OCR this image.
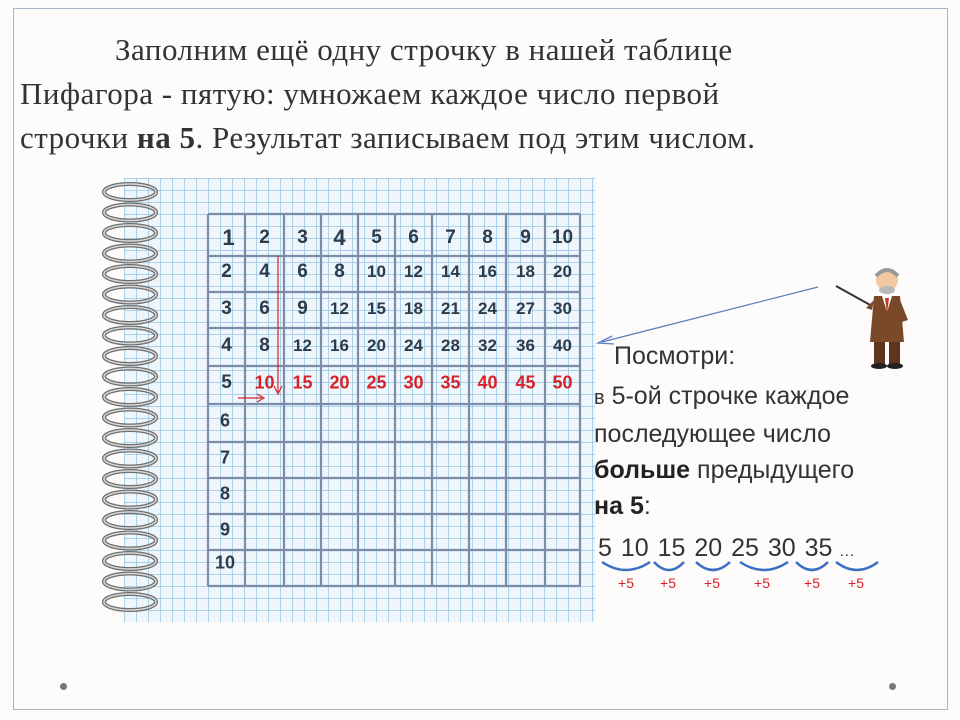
Заполним ещё одну строчку в нашей таблице
Пифагора - пятую: умножаем каждое число первой
строчки на 5. Результат записываем под этим числом.
1 2 3 4 5 6 7 8 9 10
2 4 6 8 10 12 14 16 18 20
3 6 9 12 15 18 21 24 27 30
4 8 12 16 20 24 28 32 36 40
5 10 15 20 25 30 35 40 45 50
6
7
8
9
10
Посмотри:
в 5-ой строчке каждое
последующее число
больше предыдущего
на 5:
5 10 15 20 25 30 35 …
+5 +5 +5 +5 +5 +5
